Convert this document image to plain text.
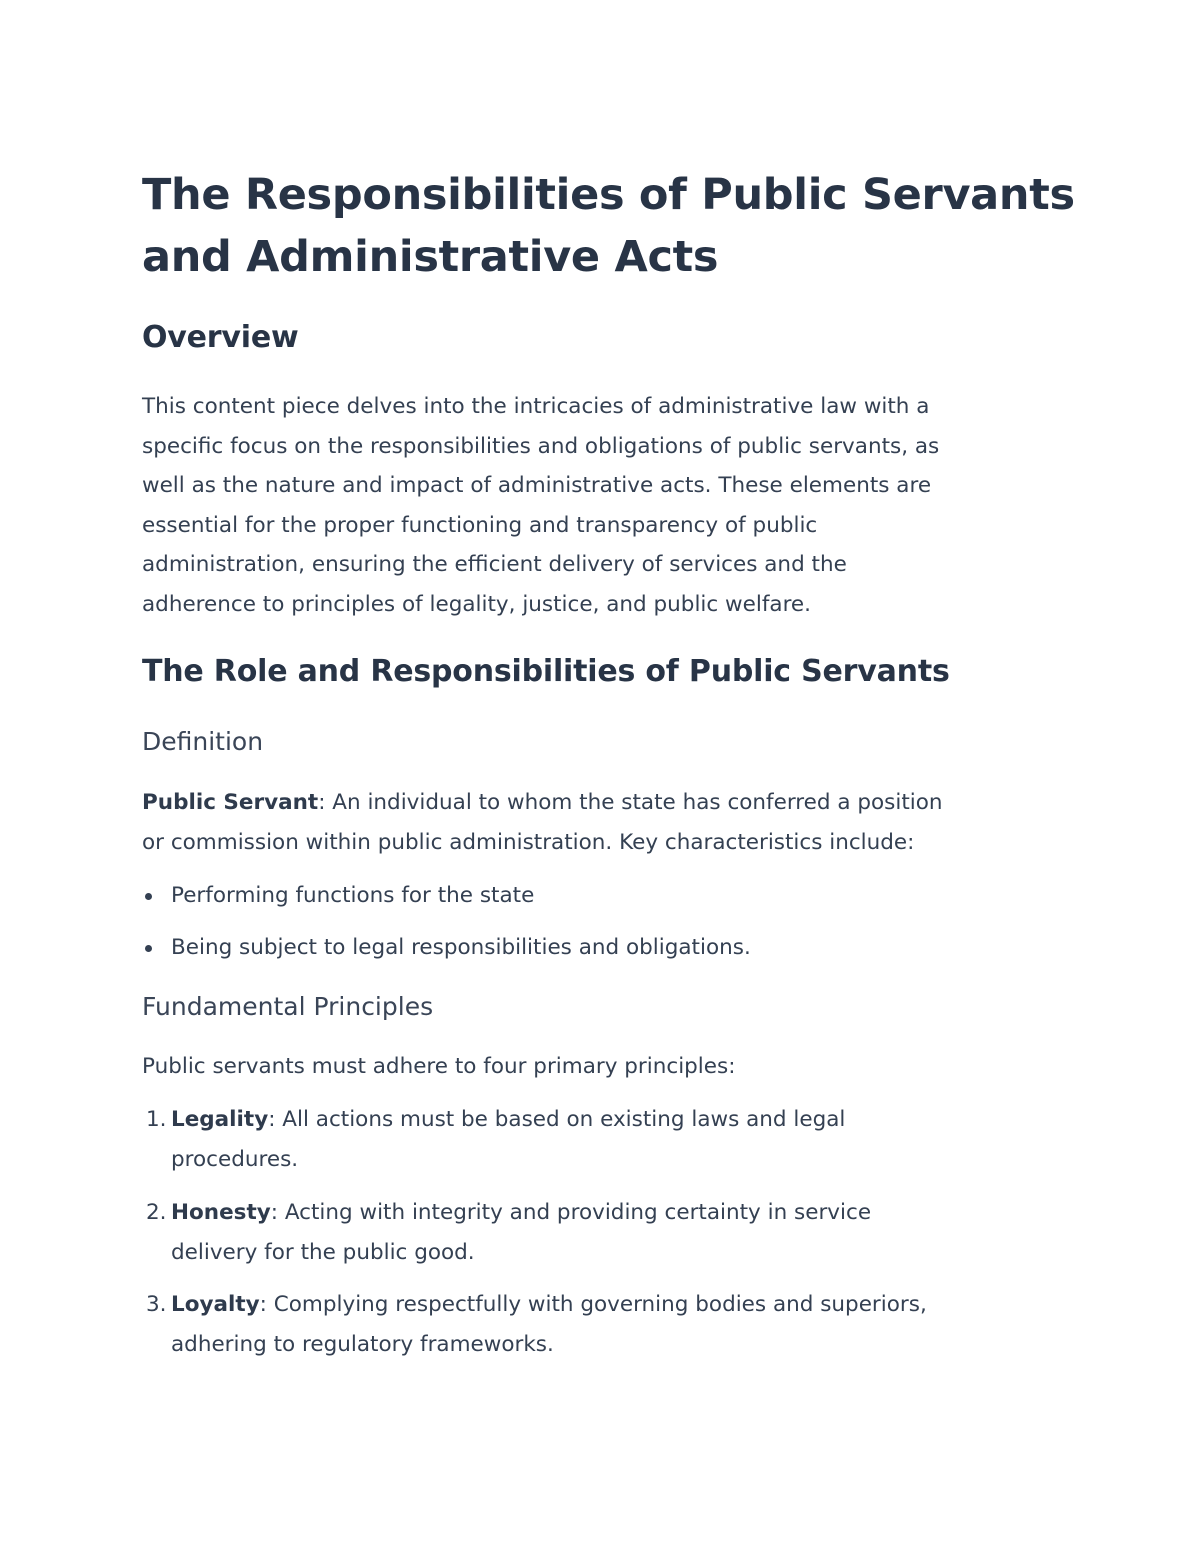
The Responsibilities of Public Servants
and Administrative Acts
Overview

This content piece delves into the intricacies of administrative law with a
specific focus on the responsibilities and obligations of public servants, as
well as the nature and impact of administrative acts. These elements are
essential for the proper functioning and transparency of public
administration, ensuring the efficient delivery of services and the
adherence to principles of legality, justice, and public welfare.

The Role and Responsibilities of Public Servants
Definition

Public Servant: An individual to whom the state has conferred a position
or commission within public administration. Key characteristics include:

Performing functions for the state
Being subject to legal responsibilities and obligations.
Fundamental Principles

Public servants must adhere to four primary principles:

1. Legality: All actions must be based on existing laws and legal
procedures.
2. Honesty: Acting with integrity and providing certainty in service
delivery for the public good.
3. Loyalty: Complying respectfully with governing bodies and superiors,
adhering to regulatory frameworks.
